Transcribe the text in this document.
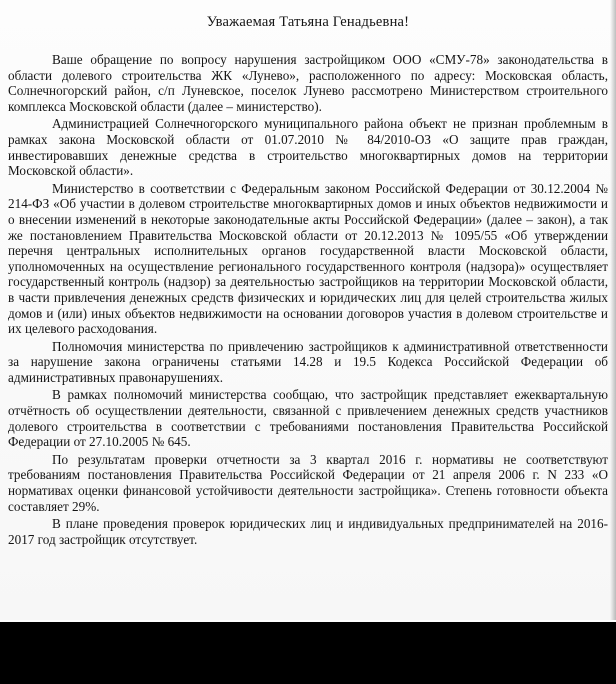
Уважаемая Татьяна Генадьевна!

Ваше обращение по вопросу нарушения застройщиком ООО «СМУ-78» законодательства в области долевого строительства ЖК «Лунево», расположенного по адресу: Московская область, Солнечногорский район, с/п Луневское, поселок Лунево рассмотрено Министерством строительного комплекса Московской области (далее – министерство).

Администрацией Солнечногорского муниципального района объект не признан проблемным в рамках закона Московской области от 01.07.2010 № 84/2010-ОЗ «О защите прав граждан, инвестировавших денежные средства в строительство многоквартирных домов на территории Московской области».

Министерство в соответствии с Федеральным законом Российской Федерации от 30.12.2004 № 214-ФЗ «Об участии в долевом строительстве многоквартирных домов и иных объектов недвижимости и о внесении изменений в некоторые законодательные акты Российской Федерации» (далее – закон), а так же постановлением Правительства Московской области от 20.12.2013 № 1095/55 «Об утверждении перечня центральных исполнительных органов государственной власти Московской области, уполномоченных на осуществление регионального государственного контроля (надзора)» осуществляет государственный контроль (надзор) за деятельностью застройщиков на территории Московской области, в части привлечения денежных средств физических и юридических лиц для целей строительства жилых домов и (или) иных объектов недвижимости на основании договоров участия в долевом строительстве и их целевого расходования.

Полномочия министерства по привлечению застройщиков к административной ответственности за нарушение закона ограничены статьями 14.28 и 19.5 Кодекса Российской Федерации об административных правонарушениях.

В рамках полномочий министерства сообщаю, что застройщик представляет ежеквартальную отчётность об осуществлении деятельности, связанной с привлечением денежных средств участников долевого строительства в соответствии с требованиями постановления Правительства Российской Федерации от 27.10.2005 № 645.

По результатам проверки отчетности за 3 квартал 2016 г. нормативы не соответствуют требованиям постановления Правительства Российской Федерации от 21 апреля 2006 г. N 233 «О нормативах оценки финансовой устойчивости деятельности застройщика». Степень готовности объекта составляет 29%.

В плане проведения проверок юридических лиц и индивидуальных предпринимателей на 2016-2017 год застройщик отсутствует.
